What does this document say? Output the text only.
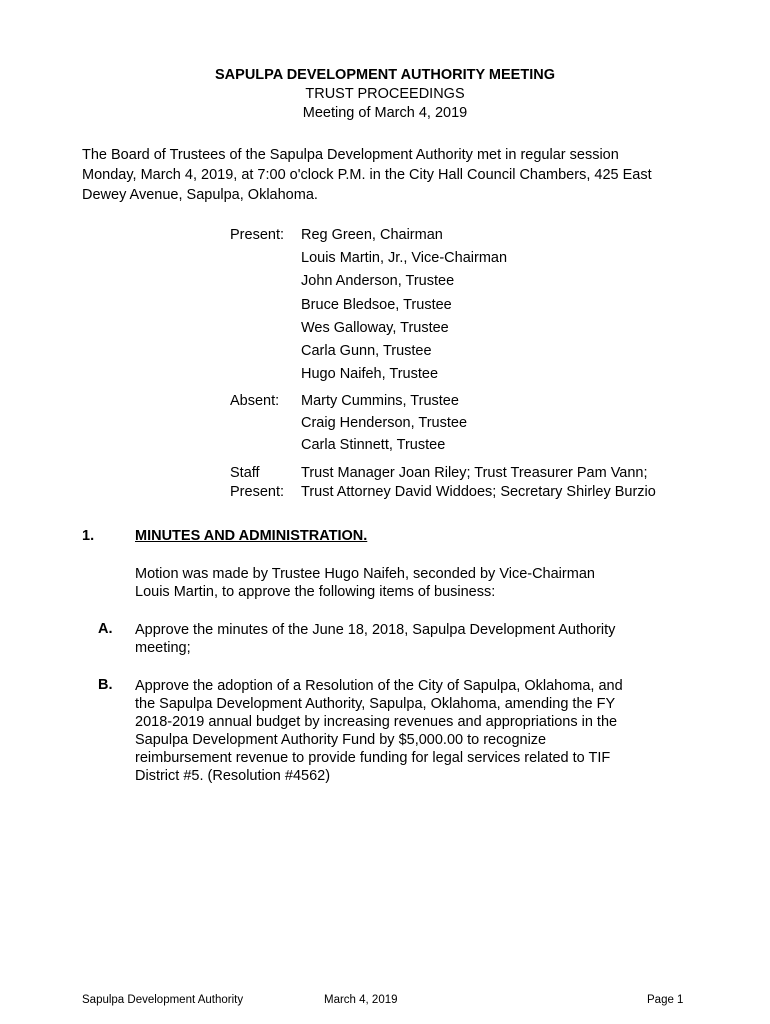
SAPULPA DEVELOPMENT AUTHORITY MEETING
TRUST PROCEEDINGS
Meeting of March 4, 2019
The Board of Trustees of the Sapulpa Development Authority met in regular session
Monday, March 4, 2019, at 7:00 o'clock P.M. in the City Hall Council Chambers, 425 East
Dewey Avenue, Sapulpa, Oklahoma.
Present: Reg Green, Chairman
Louis Martin, Jr., Vice-Chairman
John Anderson, Trustee
Bruce Bledsoe, Trustee
Wes Galloway, Trustee
Carla Gunn, Trustee
Hugo Naifeh, Trustee
Absent: Marty Cummins, Trustee
Craig Henderson, Trustee
Carla Stinnett, Trustee
Staff
Present:
Trust Manager Joan Riley; Trust Treasurer Pam Vann;
Trust Attorney David Widdoes; Secretary Shirley Burzio
1.	MINUTES AND ADMINISTRATION.
Motion was made by Trustee Hugo Naifeh, seconded by Vice-Chairman
Louis Martin, to approve the following items of business:
A. Approve the minutes of the June 18, 2018, Sapulpa Development Authority
meeting;
B. Approve the adoption of a Resolution of the City of Sapulpa, Oklahoma, and
the Sapulpa Development Authority, Sapulpa, Oklahoma, amending the FY
2018-2019 annual budget by increasing revenues and appropriations in the
Sapulpa Development Authority Fund by $5,000.00 to recognize
reimbursement revenue to provide funding for legal services related to TIF
District #5. (Resolution #4562)
Sapulpa Development Authority	March 4, 2019	Page 1
